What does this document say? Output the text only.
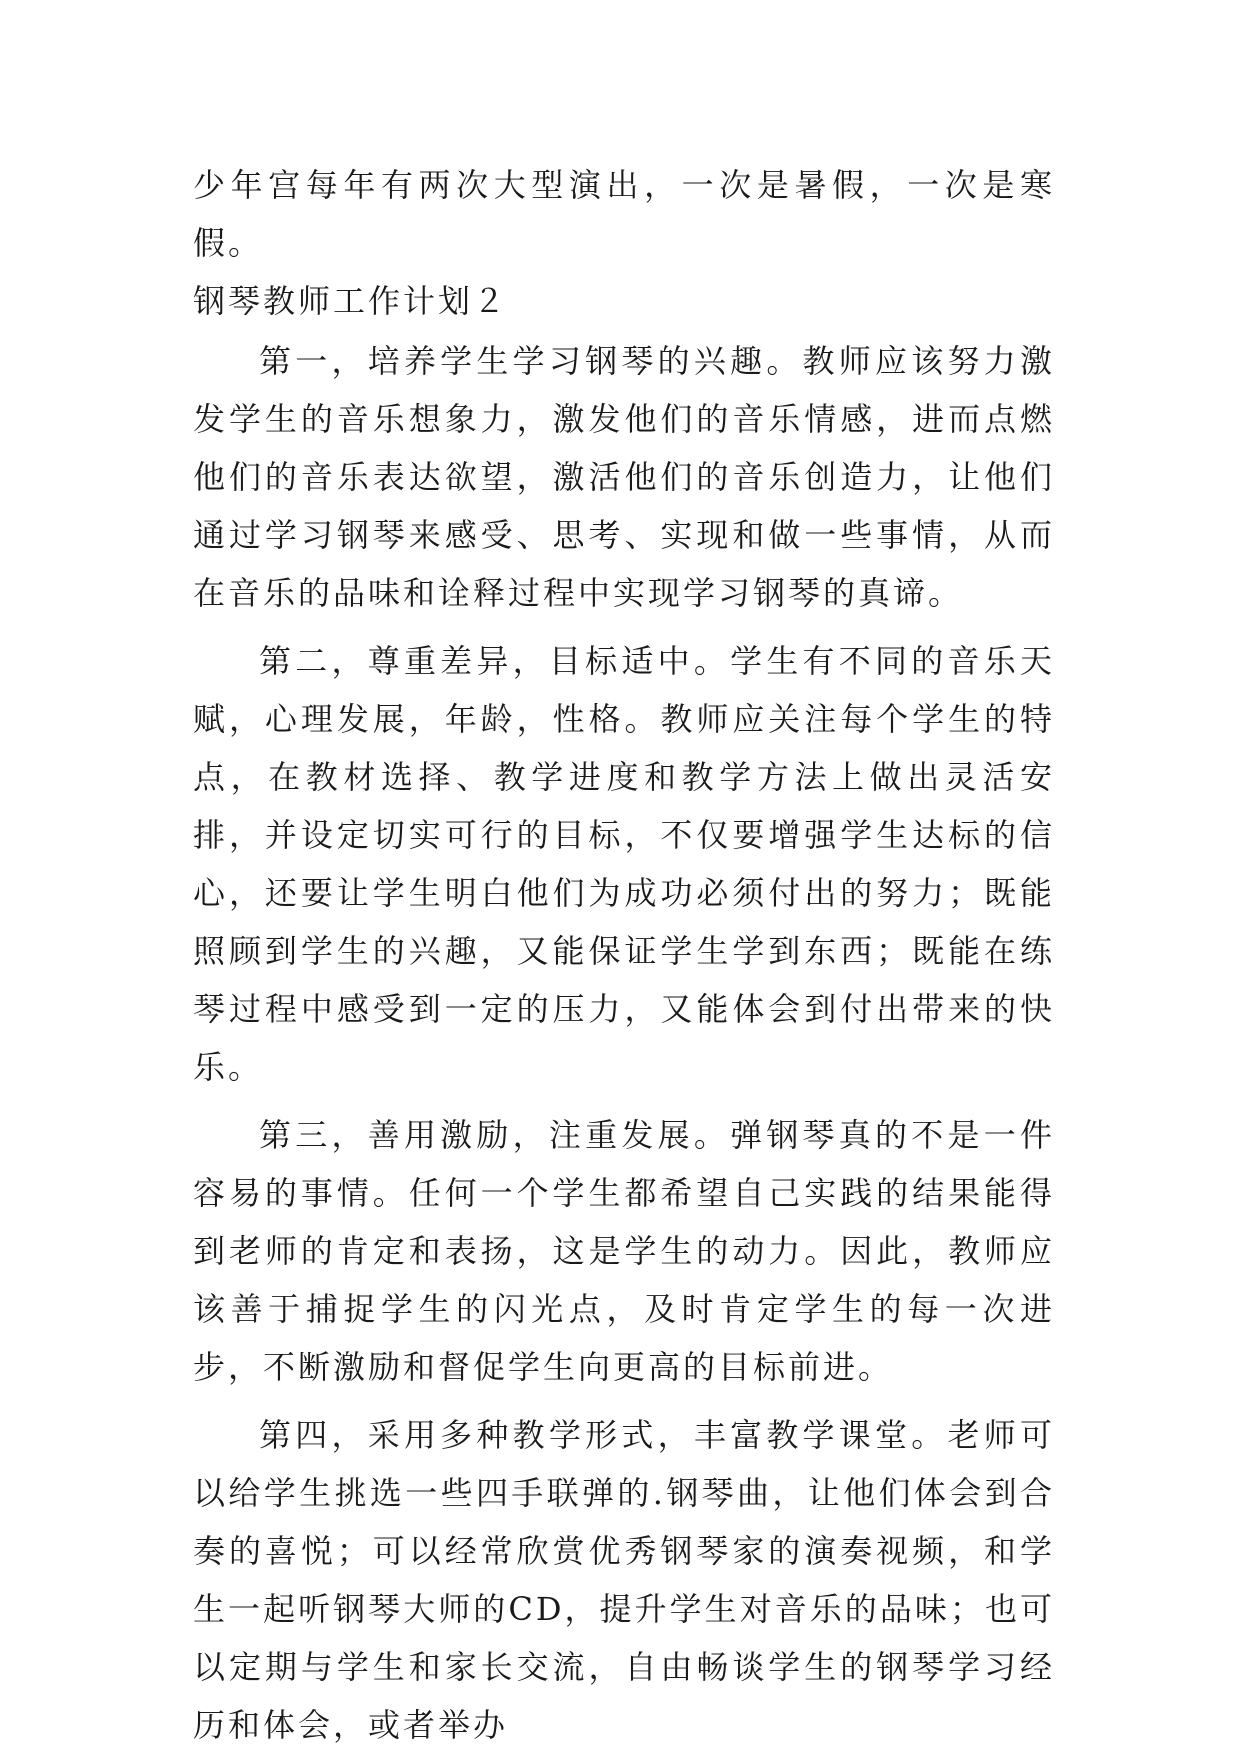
少年宫每年有两次大型演出，一次是暑假，一次是寒假。

钢琴教师工作计划２

第一，培养学生学习钢琴的兴趣。教师应该努力激发学生的音乐想象力，激发他们的音乐情感，进而点燃他们的音乐表达欲望，激活他们的音乐创造力，让他们通过学习钢琴来感受、思考、实现和做一些事情，从而在音乐的品味和诠释过程中实现学习钢琴的真谛。

第二，尊重差异，目标适中。学生有不同的音乐天赋，心理发展，年龄，性格。教师应关注每个学生的特点，在教材选择、教学进度和教学方法上做出灵活安排，并设定切实可行的目标，不仅要增强学生达标的信心，还要让学生明白他们为成功必须付出的努力；既能照顾到学生的兴趣，又能保证学生学到东西；既能在练琴过程中感受到一定的压力，又能体会到付出带来的快乐。

第三，善用激励，注重发展。弹钢琴真的不是一件容易的事情。任何一个学生都希望自己实践的结果能得到老师的肯定和表扬，这是学生的动力。因此，教师应该善于捕捉学生的闪光点，及时肯定学生的每一次进步，不断激励和督促学生向更高的目标前进。

第四，采用多种教学形式，丰富教学课堂。老师可以给学生挑选一些四手联弹的.钢琴曲，让他们体会到合奏的喜悦；可以经常欣赏优秀钢琴家的演奏视频，和学生一起听钢琴大师的CD，提升学生对音乐的品味；也可以定期与学生和家长交流，自由畅谈学生的钢琴学习经历和体会，或者举办
